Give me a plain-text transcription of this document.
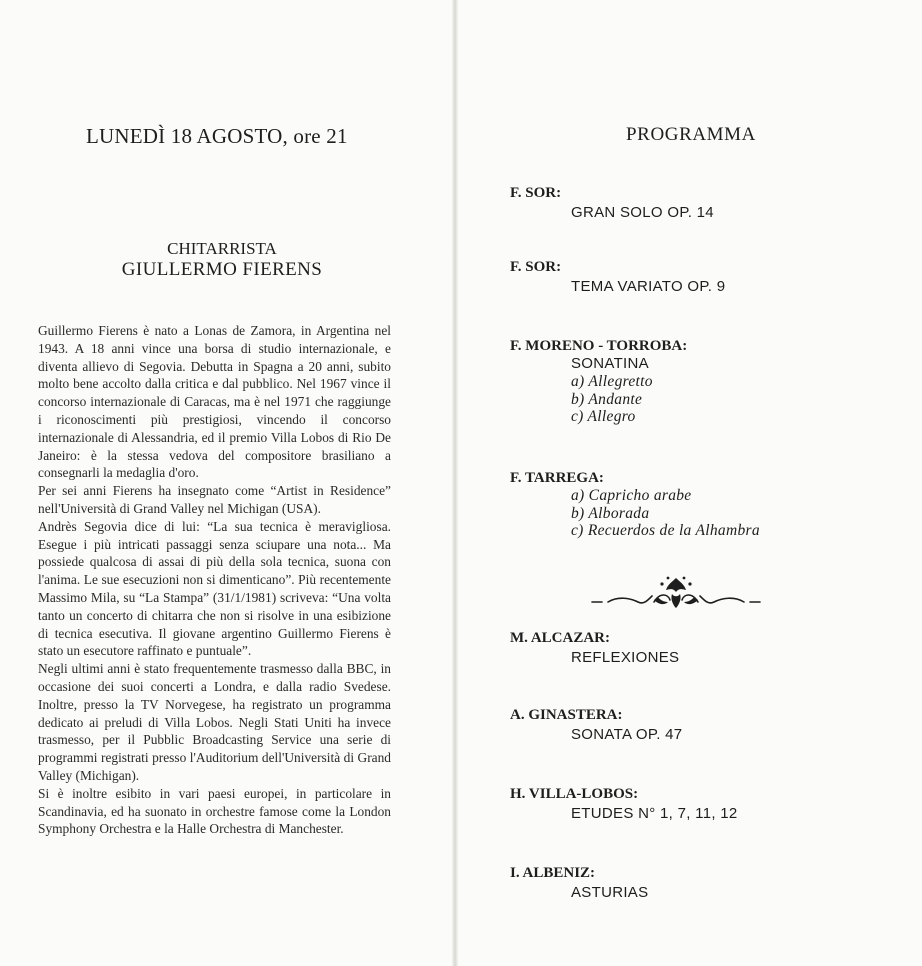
LUNEDÌ 18 AGOSTO, ore 21
CHITARRISTA
GIULLERMO FIERENS

Guillermo Fierens è nato a Lonas de Zamora, in Argentina nel 1943. A 18 anni vince una borsa di studio internazionale, e diventa allievo di Segovia. Debutta in Spagna a 20 anni, subito molto bene accolto dalla critica e dal pubblico. Nel 1967 vince il concorso internazionale di Caracas, ma è nel 1971 che raggiunge i riconoscimenti più prestigiosi, vincendo il concorso internazionale di Alessandria, ed il premio Villa Lobos di Rio De Janeiro: è la stessa vedova del compositore brasiliano a consegnarli la medaglia d'oro.

Per sei anni Fierens ha insegnato come “Artist in Residence” nell'Università di Grand Valley nel Michigan (USA).

Andrès Segovia dice di lui: “La sua tecnica è meravigliosa. Esegue i più intricati passaggi senza sciupare una nota... Ma possiede qualcosa di assai di più della sola tecnica, suona con l'anima. Le sue esecuzioni non si dimenticano”. Più recentemente Massimo Mila, su “La Stampa” (31/1/1981) scriveva: “Una volta tanto un concerto di chitarra che non si risolve in una esibizione di tecnica esecutiva. Il giovane argentino Guillermo Fierens è stato un esecutore raffinato e puntuale”.

Negli ultimi anni è stato frequentemente trasmesso dalla BBC, in occasione dei suoi concerti a Londra, e dalla radio Svedese. Inoltre, presso la TV Norvegese, ha registrato un programma dedicato ai preludi di Villa Lobos. Negli Stati Uniti ha invece trasmesso, per il Pubblic Broadcasting Service una serie di programmi registrati presso l'Auditorium dell'Università di Grand Valley (Michigan).

Si è inoltre esibito in vari paesi europei, in particolare in Scandinavia, ed ha suonato in orchestre famose come la London Symphony Orchestra e la Halle Orchestra di Manchester.

PROGRAMMA
F. SOR:
GRAN SOLO OP. 14
F. SOR:
TEMA VARIATO OP. 9
F. MORENO - TORROBA:
SONATINA
a) Allegretto
b) Andante
c) Allegro
F. TARREGA:
a) Capricho arabe
b) Alborada
c) Recuerdos de la Alhambra
M. ALCAZAR:
REFLEXIONES
A. GINASTERA:
SONATA OP. 47
H. VILLA-LOBOS:
ETUDES N° 1, 7, 11, 12
I. ALBENIZ:
ASTURIAS
